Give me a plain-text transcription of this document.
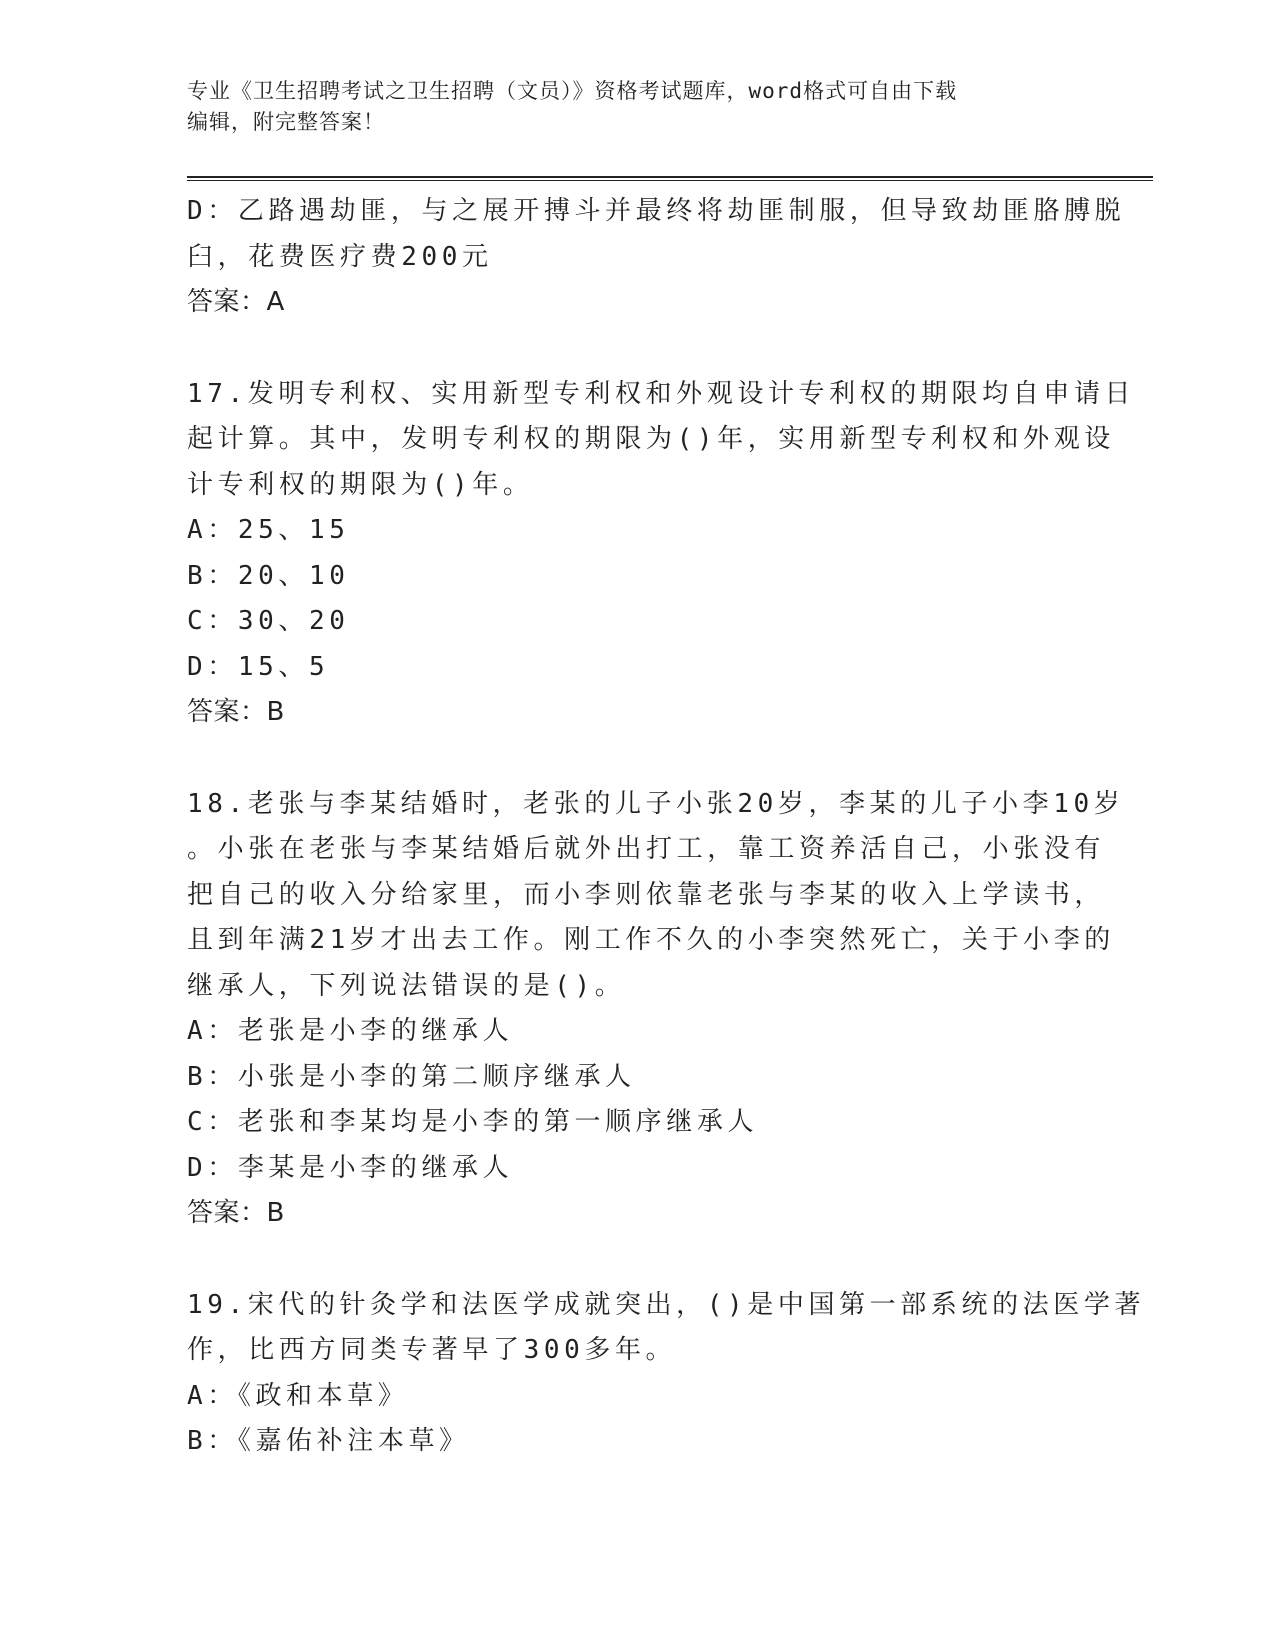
专业《卫生招聘考试之卫生招聘（文员）》资格考试题库，word格式可自由下载
编辑，附完整答案！
D：乙路遇劫匪，与之展开搏斗并最终将劫匪制服，但导致劫匪胳膊脱
臼，花费医疗费200元
答案：A
17.发明专利权、实用新型专利权和外观设计专利权的期限均自申请日
起计算。其中，发明专利权的期限为()年，实用新型专利权和外观设
计专利权的期限为()年。
A：25、15
B：20、10
C：30、20
D：15、5
答案：B
18.老张与李某结婚时，老张的儿子小张20岁，李某的儿子小李10岁
。小张在老张与李某结婚后就外出打工，靠工资养活自己，小张没有
把自己的收入分给家里，而小李则依靠老张与李某的收入上学读书，
且到年满21岁才出去工作。刚工作不久的小李突然死亡，关于小李的
继承人，下列说法错误的是()。
A：老张是小李的继承人
B：小张是小李的第二顺序继承人
C：老张和李某均是小李的第一顺序继承人
D：李某是小李的继承人
答案：B
19.宋代的针灸学和法医学成就突出，()是中国第一部系统的法医学著
作，比西方同类专著早了300多年。
A：《政和本草》
B：《嘉佑补注本草》
